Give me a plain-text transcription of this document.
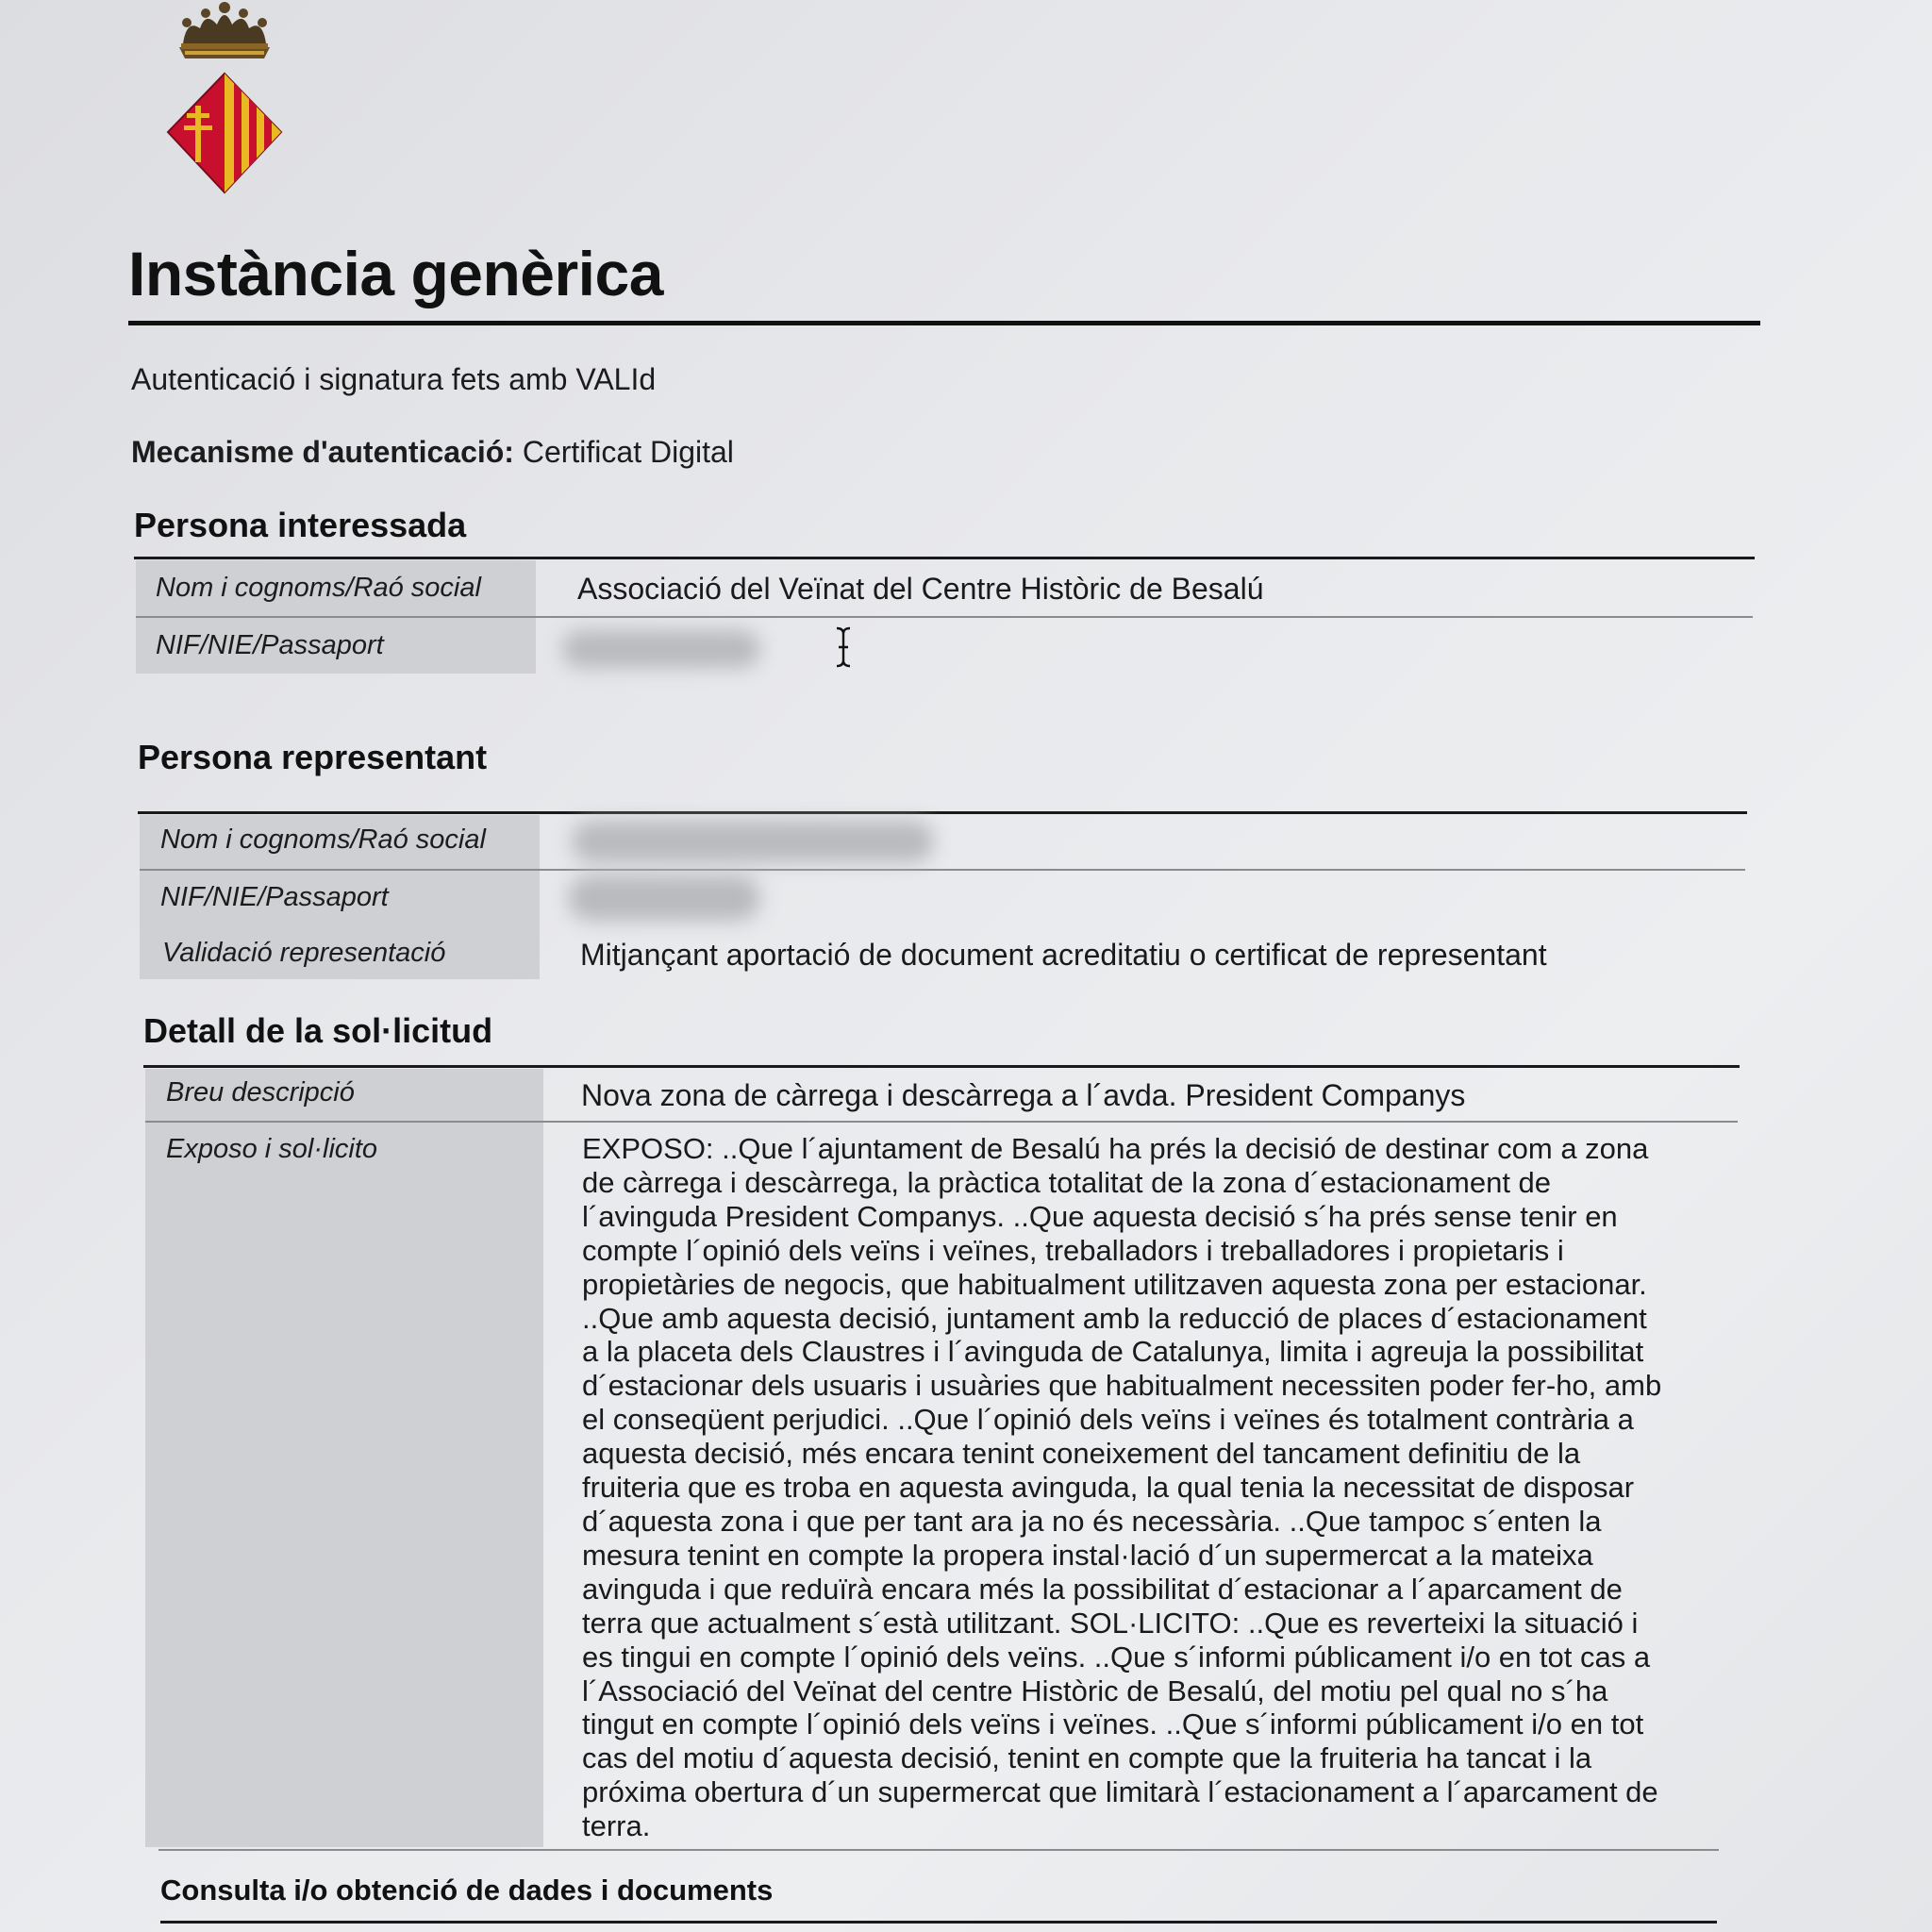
Instància genèrica
Autenticació i signatura fets amb VALId
Mecanisme d'autenticació: Certificat Digital
Persona interessada
Nom i cognoms/Raó social	Associació del Veïnat del Centre Històric de Besalú
NIF/NIE/Passaport
Persona representant
Nom i cognoms/Raó social
NIF/NIE/Passaport
Validació representació	Mitjançant aportació de document acreditatiu o certificat de representant
Detall de la sol·licitud
Breu descripció	Nova zona de càrrega i descàrrega a l´avda. President Companys
Exposo i sol·licito	EXPOSO: ..Que l´ajuntament de Besalú ha prés la decisió de destinar com a zona
de càrrega i descàrrega, la pràctica totalitat de la zona d´estacionament de
l´avinguda President Companys. ..Que aquesta decisió s´ha prés sense tenir en
compte l´opinió dels veïns i veïnes, treballadors i treballadores i propietaris i
propietàries de negocis, que habitualment utilitzaven aquesta zona per estacionar.
..Que amb aquesta decisió, juntament amb la reducció de places d´estacionament
a la placeta dels Claustres i l´avinguda de Catalunya, limita i agreuja la possibilitat
d´estacionar dels usuaris i usuàries que habitualment necessiten poder fer-ho, amb
el conseqüent perjudici. ..Que l´opinió dels veïns i veïnes és totalment contrària a
aquesta decisió, més encara tenint coneixement del tancament definitiu de la
fruiteria que es troba en aquesta avinguda, la qual tenia la necessitat de disposar
d´aquesta zona i que per tant ara ja no és necessària. ..Que tampoc s´enten la
mesura tenint en compte la propera instal·lació d´un supermercat a la mateixa
avinguda i que reduïrà encara més la possibilitat d´estacionar a l´aparcament de
terra que actualment s´està utilitzant. SOL·LICITO: ..Que es reverteixi la situació i
es tingui en compte l´opinió dels veïns. ..Que s´informi públicament i/o en tot cas a
l´Associació del Veïnat del centre Històric de Besalú, del motiu pel qual no s´ha
tingut en compte l´opinió dels veïns i veïnes. ..Que s´informi públicament i/o en tot
cas del motiu d´aquesta decisió, tenint en compte que la fruiteria ha tancat i la
próxima obertura d´un supermercat que limitarà l´estacionament a l´aparcament de
terra.
Consulta i/o obtenció de dades i documents
